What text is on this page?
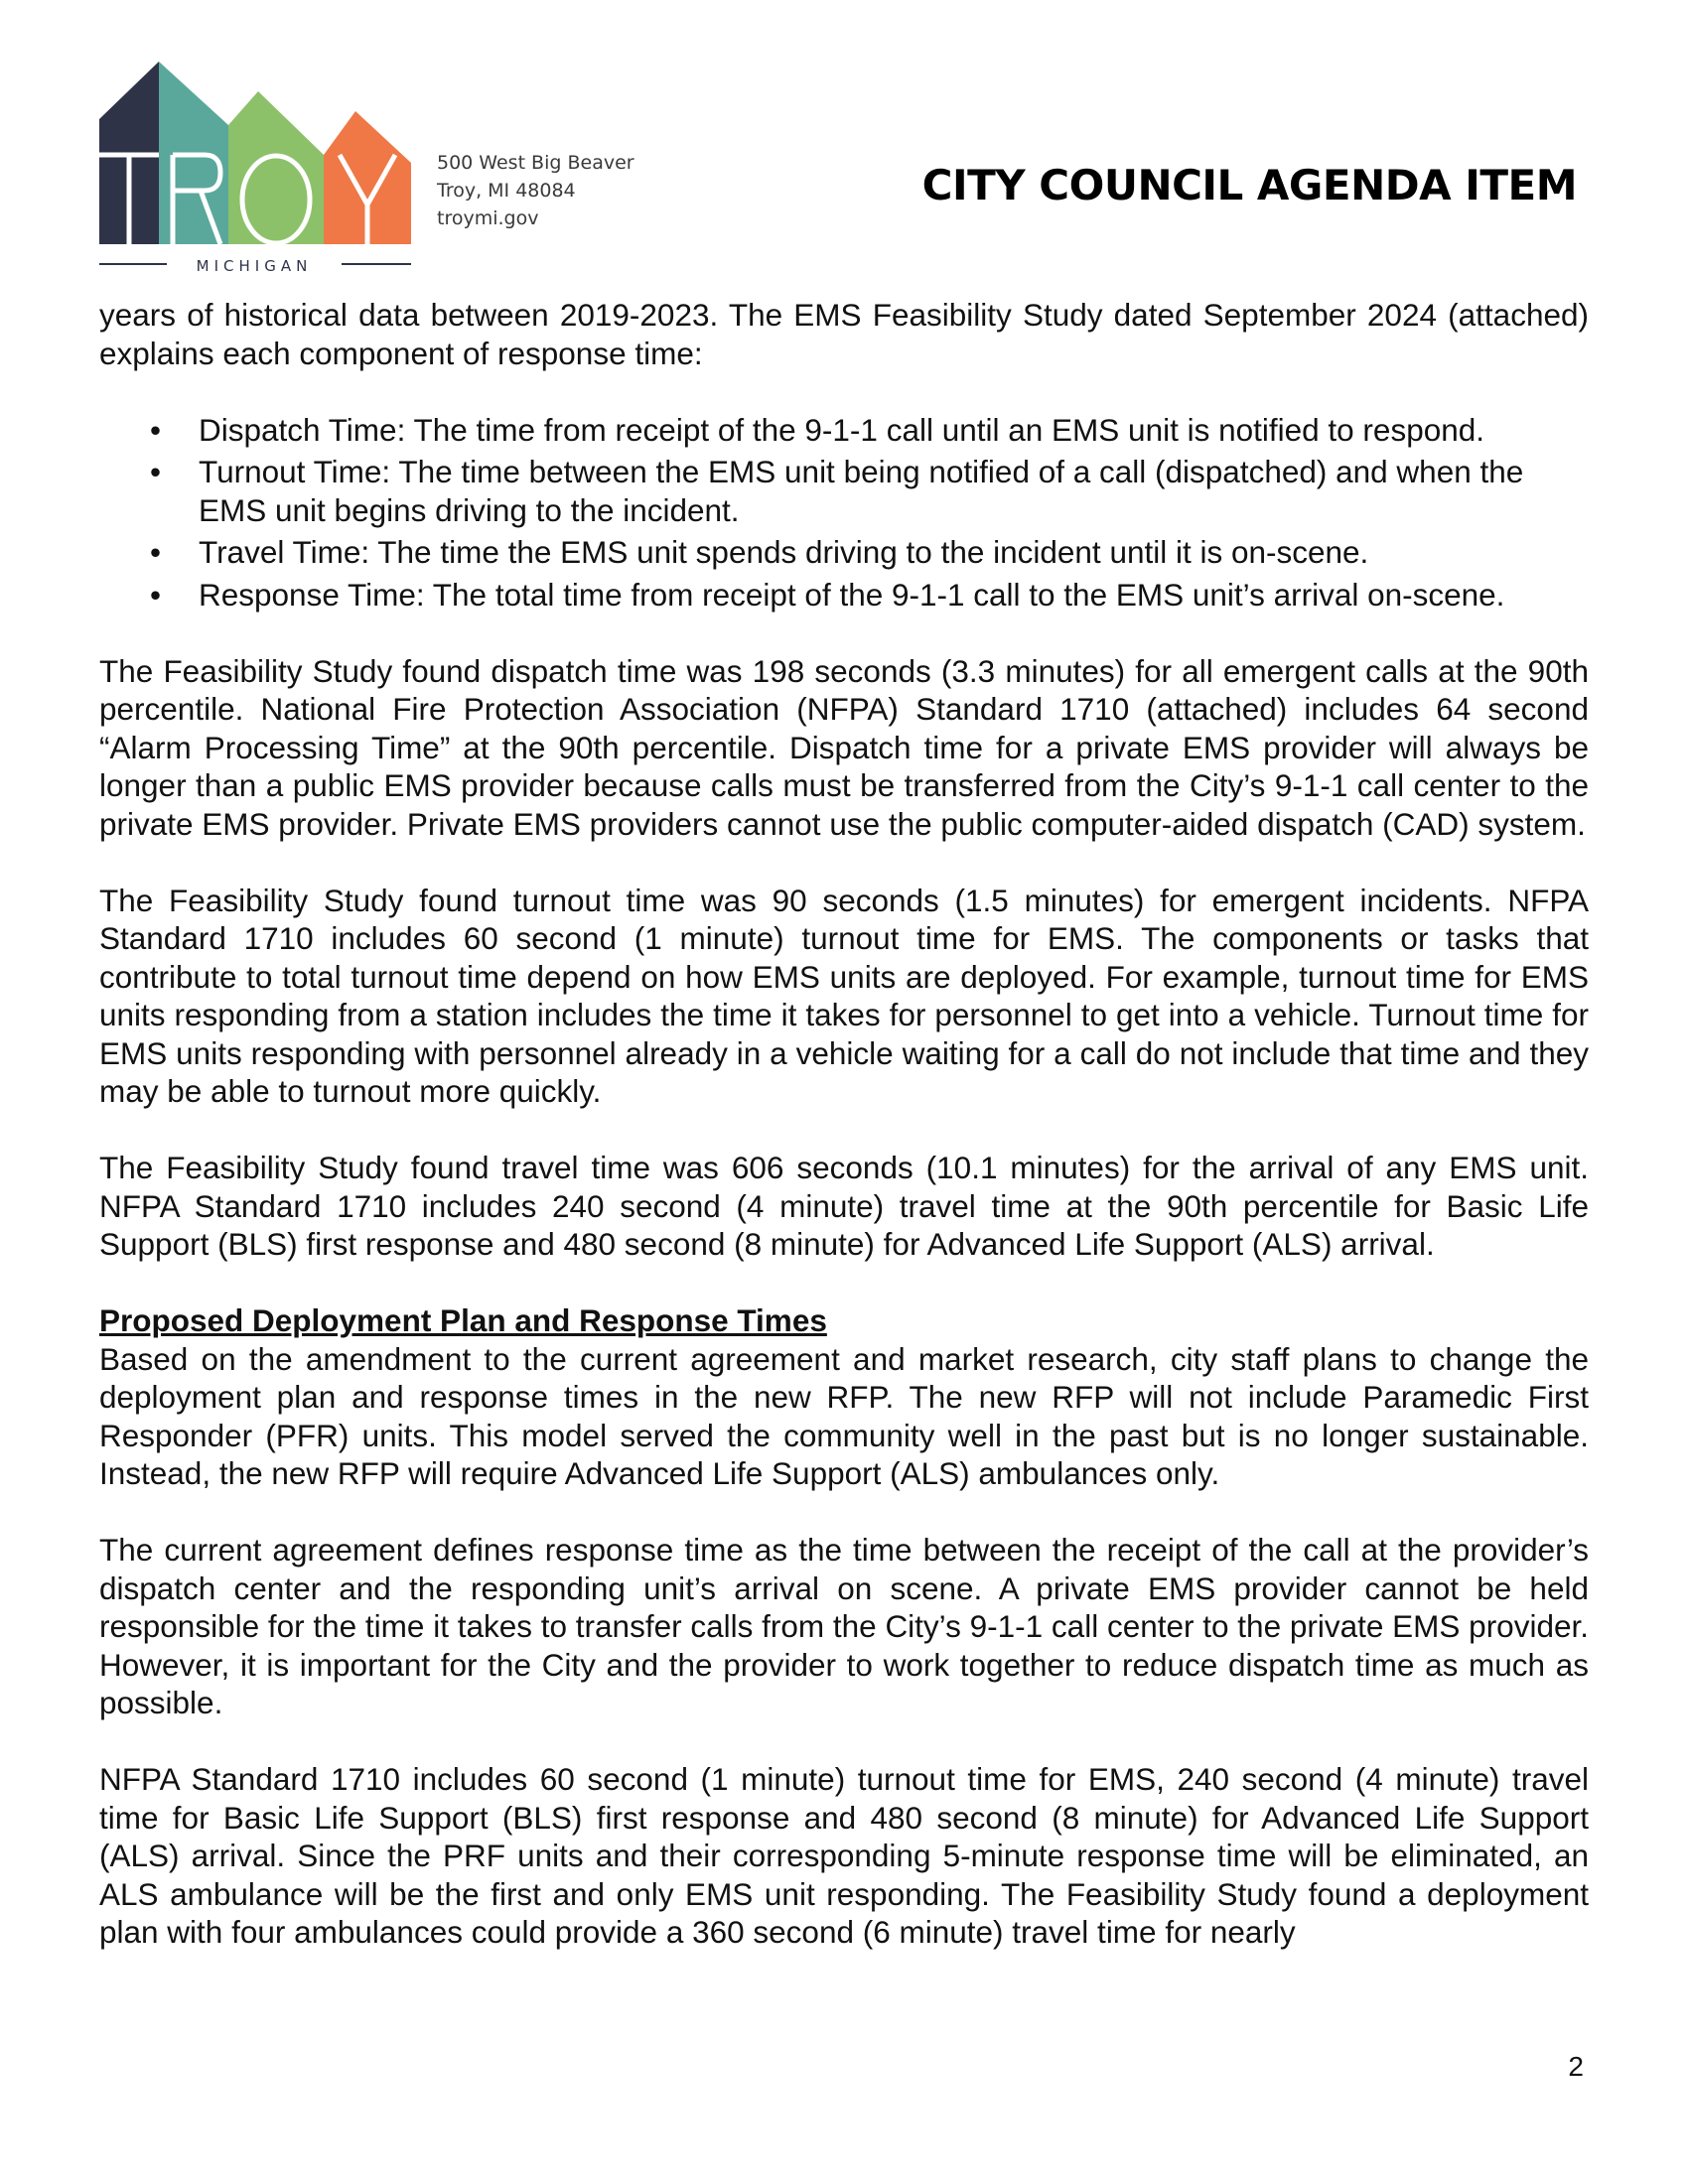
MICHIGAN
500 West Big Beaver
Troy, MI 48084
troymi.gov
CITY COUNCIL AGENDA ITEM

years of historical data between 2019-2023. The EMS Feasibility Study dated September 2024 (attached) explains each component of response time:

• Dispatch Time: The time from receipt of the 9-1-1 call until an EMS unit is notified to respond.
• Turnout Time: The time between the EMS unit being notified of a call (dispatched) and when the EMS unit begins driving to the incident.
• Travel Time: The time the EMS unit spends driving to the incident until it is on-scene.
• Response Time: The total time from receipt of the 9-1-1 call to the EMS unit’s arrival on-scene.

The Feasibility Study found dispatch time was 198 seconds (3.3 minutes) for all emergent calls at the 90th percentile. National Fire Protection Association (NFPA) Standard 1710 (attached) includes 64 second “Alarm Processing Time” at the 90th percentile. Dispatch time for a private EMS provider will always be longer than a public EMS provider because calls must be transferred from the City’s 9-1-1 call center to the private EMS provider. Private EMS providers cannot use the public computer-aided dispatch (CAD) system.

The Feasibility Study found turnout time was 90 seconds (1.5 minutes) for emergent incidents. NFPA Standard 1710 includes 60 second (1 minute) turnout time for EMS. The components or tasks that contribute to total turnout time depend on how EMS units are deployed. For example, turnout time for EMS units responding from a station includes the time it takes for personnel to get into a vehicle. Turnout time for EMS units responding with personnel already in a vehicle waiting for a call do not include that time and they may be able to turnout more quickly.

The Feasibility Study found travel time was 606 seconds (10.1 minutes) for the arrival of any EMS unit. NFPA Standard 1710 includes 240 second (4 minute) travel time at the 90th percentile for Basic Life Support (BLS) first response and 480 second (8 minute) for Advanced Life Support (ALS) arrival.

Proposed Deployment Plan and Response Times

Based on the amendment to the current agreement and market research, city staff plans to change the deployment plan and response times in the new RFP. The new RFP will not include Paramedic First Responder (PFR) units. This model served the community well in the past but is no longer sustainable. Instead, the new RFP will require Advanced Life Support (ALS) ambulances only.

The current agreement defines response time as the time between the receipt of the call at the provider’s dispatch center and the responding unit’s arrival on scene. A private EMS provider cannot be held responsible for the time it takes to transfer calls from the City’s 9-1-1 call center to the private EMS provider. However, it is important for the City and the provider to work together to reduce dispatch time as much as possible.

NFPA Standard 1710 includes 60 second (1 minute) turnout time for EMS, 240 second (4 minute) travel time for Basic Life Support (BLS) first response and 480 second (8 minute) for Advanced Life Support (ALS) arrival. Since the PRF units and their corresponding 5-minute response time will be eliminated, an ALS ambulance will be the first and only EMS unit responding. The Feasibility Study found a deployment plan with four ambulances could provide a 360 second (6 minute) travel time for nearly

2
